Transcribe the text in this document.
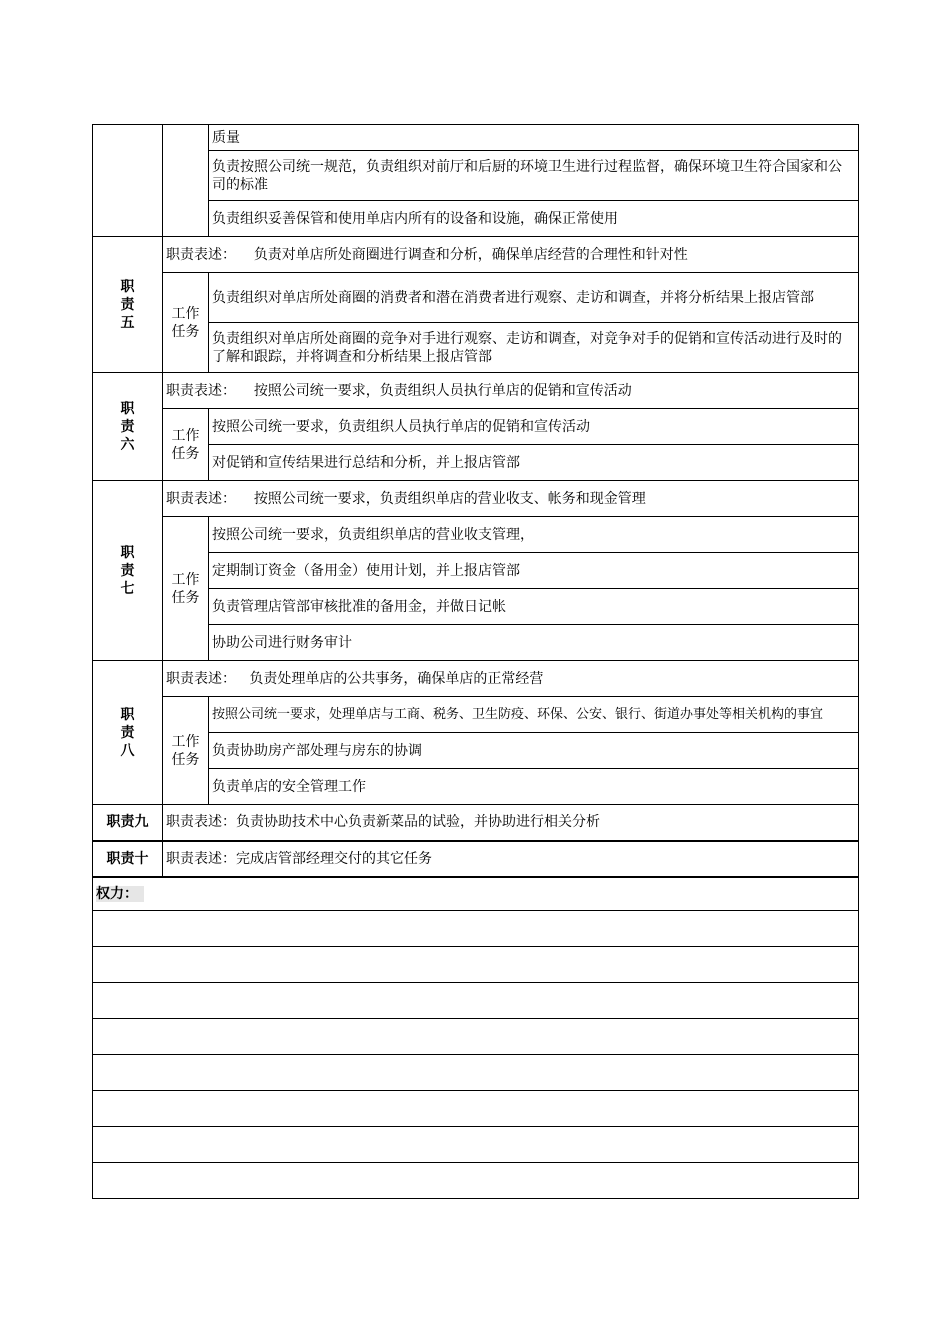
		质量
		负责按照公司统一规范，负责组织对前厅和后厨的环境卫生进行过程监督，确保环境卫生符合国家和公司的标准
		负责组织妥善保管和使用单店内所有的设备和设施，确保正常使用

职责五	职责表述： 负责对单店所处商圈进行调查和分析，确保单店经营的合理性和针对性	

	工作任务	负责组织对单店所处商圈的消费者和潜在消费者进行观察、走访和调查，并将分析结果上报店管部
		负责组织对单店所处商圈的竞争对手进行观察、走访和调查，对竞争对手的促销和宣传活动进行及时的了解和跟踪，并将调查和分析结果上报店管部

职责六	职责表述： 按照公司统一要求，负责组织人员执行单店的促销和宣传活动	

	工作任务	按照公司统一要求，负责组织人员执行单店的促销和宣传活动
		对促销和宣传结果进行总结和分析，并上报店管部

职责七	职责表述： 按照公司统一要求，负责组织单店的营业收支、帐务和现金管理	

	工作任务	按照公司统一要求，负责组织单店的营业收支管理，
		定期制订资金（备用金）使用计划，并上报店管部
		负责管理店管部审核批准的备用金，并做日记帐
		协助公司进行财务审计

职责八	职责表述： 负责处理单店的公共事务，确保单店的正常经营	

	工作任务	按照公司统一要求，处理单店与工商、税务、卫生防疫、环保、公安、银行、街道办事处等相关机构的事宜
		负责协助房产部处理与房东的协调
		负责单店的安全管理工作
职责九	职责表述：负责协助技术中心负责新菜品的试验，并协助进行相关分析	
职责十	职责表述：完成店管部经理交付的其它任务	
权力：		
